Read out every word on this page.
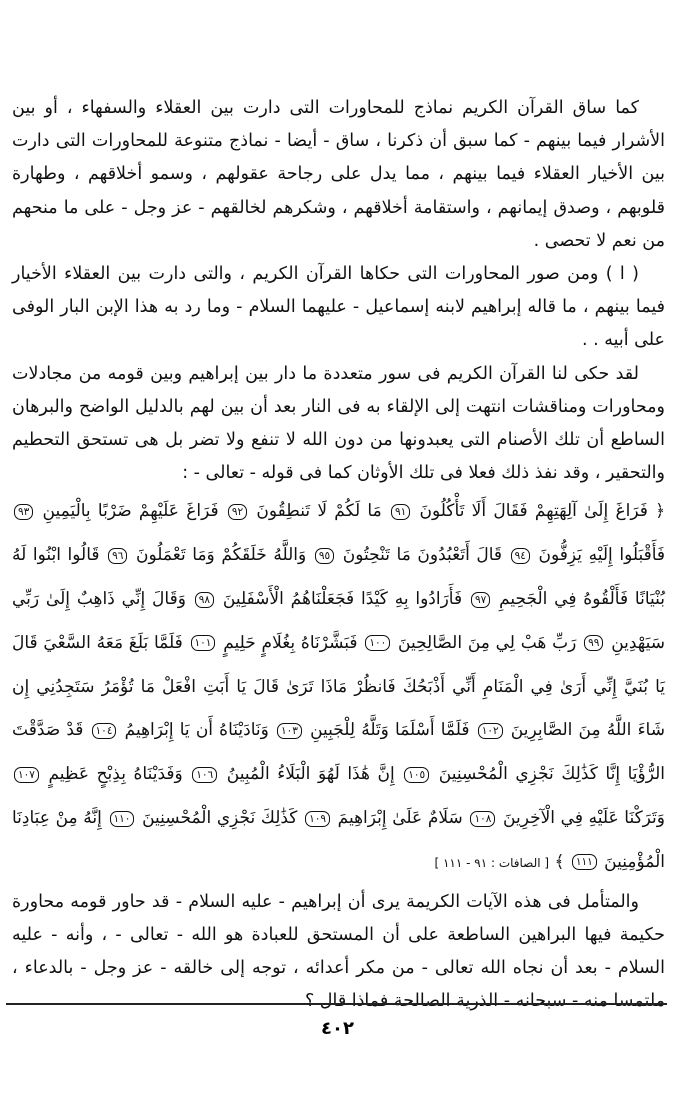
كما ساق القرآن الكريم نماذج للمحاورات التى دارت بين العقلاء والسفهاء ، أو بين الأشرار فيما بينهم - كما سبق أن ذكرنا ، ساق - أيضا - نماذج متنوعة للمحاورات التى دارت بين الأخيار العقلاء فيما بينهم ، مما يدل على رجاحة عقولهم ، وسمو أخلاقهم ، وطهارة قلوبهم ، وصدق إيمانهم ، واستقامة أخلاقهم ، وشكرهم لخالقهم - عز وجل - على ما منحهم من نعم لا تحصى .

( ا ) ومن صور المحاورات التى حكاها القرآن الكريم ، والتى دارت بين العقلاء الأخيار فيما بينهم ، ما قاله إبراهيم لابنه إسماعيل - عليهما السلام - وما رد به هذا الإبن البار الوفى على أبيه . .

لقد حكى لنا القرآن الكريم فى سور متعددة ما دار بين إبراهيم وبين قومه من مجادلات ومحاورات ومناقشات انتهت إلى الإلقاء به فى النار بعد أن بين لهم بالدليل الواضح والبرهان الساطع أن تلك الأصنام التى يعبدونها من دون الله لا تنفع ولا تضر بل هى تستحق التحطيم والتحقير ، وقد نفذ ذلك فعلا فى تلك الأوثان كما فى قوله - تعالى - :

﴿ فَرَاغَ إِلَىٰ آلِهَتِهِمْ فَقَالَ أَلَا تَأْكُلُونَ ٩١ مَا لَكُمْ لَا تَنطِقُونَ ٩٢ فَرَاغَ عَلَيْهِمْ ضَرْبًا بِالْيَمِينِ ٩٣ فَأَقْبَلُوا إِلَيْهِ يَزِفُّونَ ٩٤ قَالَ أَتَعْبُدُونَ مَا تَنْحِتُونَ ٩٥ وَاللَّهُ خَلَقَكُمْ وَمَا تَعْمَلُونَ ٩٦ قَالُوا ابْنُوا لَهُ بُنْيَانًا فَأَلْقُوهُ فِي الْجَحِيمِ ٩٧ فَأَرَادُوا بِهِ كَيْدًا فَجَعَلْنَاهُمُ الْأَسْفَلِينَ ٩٨ وَقَالَ إِنِّي ذَاهِبٌ إِلَىٰ رَبِّي سَيَهْدِينِ ٩٩ رَبِّ هَبْ لِي مِنَ الصَّالِحِينَ ١٠٠ فَبَشَّرْنَاهُ بِغُلَامٍ حَلِيمٍ ١٠١ فَلَمَّا بَلَغَ مَعَهُ السَّعْيَ قَالَ يَا بُنَيَّ إِنِّي أَرَىٰ فِي الْمَنَامِ أَنِّي أَذْبَحُكَ فَانظُرْ مَاذَا تَرَىٰ قَالَ يَا أَبَتِ افْعَلْ مَا تُؤْمَرُ سَتَجِدُنِي إِن شَاءَ اللَّهُ مِنَ الصَّابِرِينَ ١٠٢ فَلَمَّا أَسْلَمَا وَتَلَّهُ لِلْجَبِينِ ١٠٣ وَنَادَيْنَاهُ أَن يَا إِبْرَاهِيمُ ١٠٤ قَدْ صَدَّقْتَ الرُّؤْيَا إِنَّا كَذَٰلِكَ نَجْزِي الْمُحْسِنِينَ ١٠٥ إِنَّ هَٰذَا لَهُوَ الْبَلَاءُ الْمُبِينُ ١٠٦ وَفَدَيْنَاهُ بِذِبْحٍ عَظِيمٍ ١٠٧ وَتَرَكْنَا عَلَيْهِ فِي الْآخِرِينَ ١٠٨ سَلَامٌ عَلَىٰ إِبْرَاهِيمَ ١٠٩ كَذَٰلِكَ نَجْزِي الْمُحْسِنِينَ ١١٠ إِنَّهُ مِنْ عِبَادِنَا الْمُؤْمِنِينَ ١١١ ﴾ [ الصافات : ٩١ - ١١١ ]

والمتأمل فى هذه الآيات الكريمة يرى أن إبراهيم - عليه السلام - قد حاور قومه محاورة حكيمة فيها البراهين الساطعة على أن المستحق للعبادة هو الله - تعالى - ، وأنه - عليه السلام - بعد أن نجاه الله تعالى - من مكر أعدائه ، توجه إلى خالقه - عز وجل - بالدعاء ، ملتمسا منه - سبحانه - الذرية الصالحة فماذا قال ؟

٤٠٢
